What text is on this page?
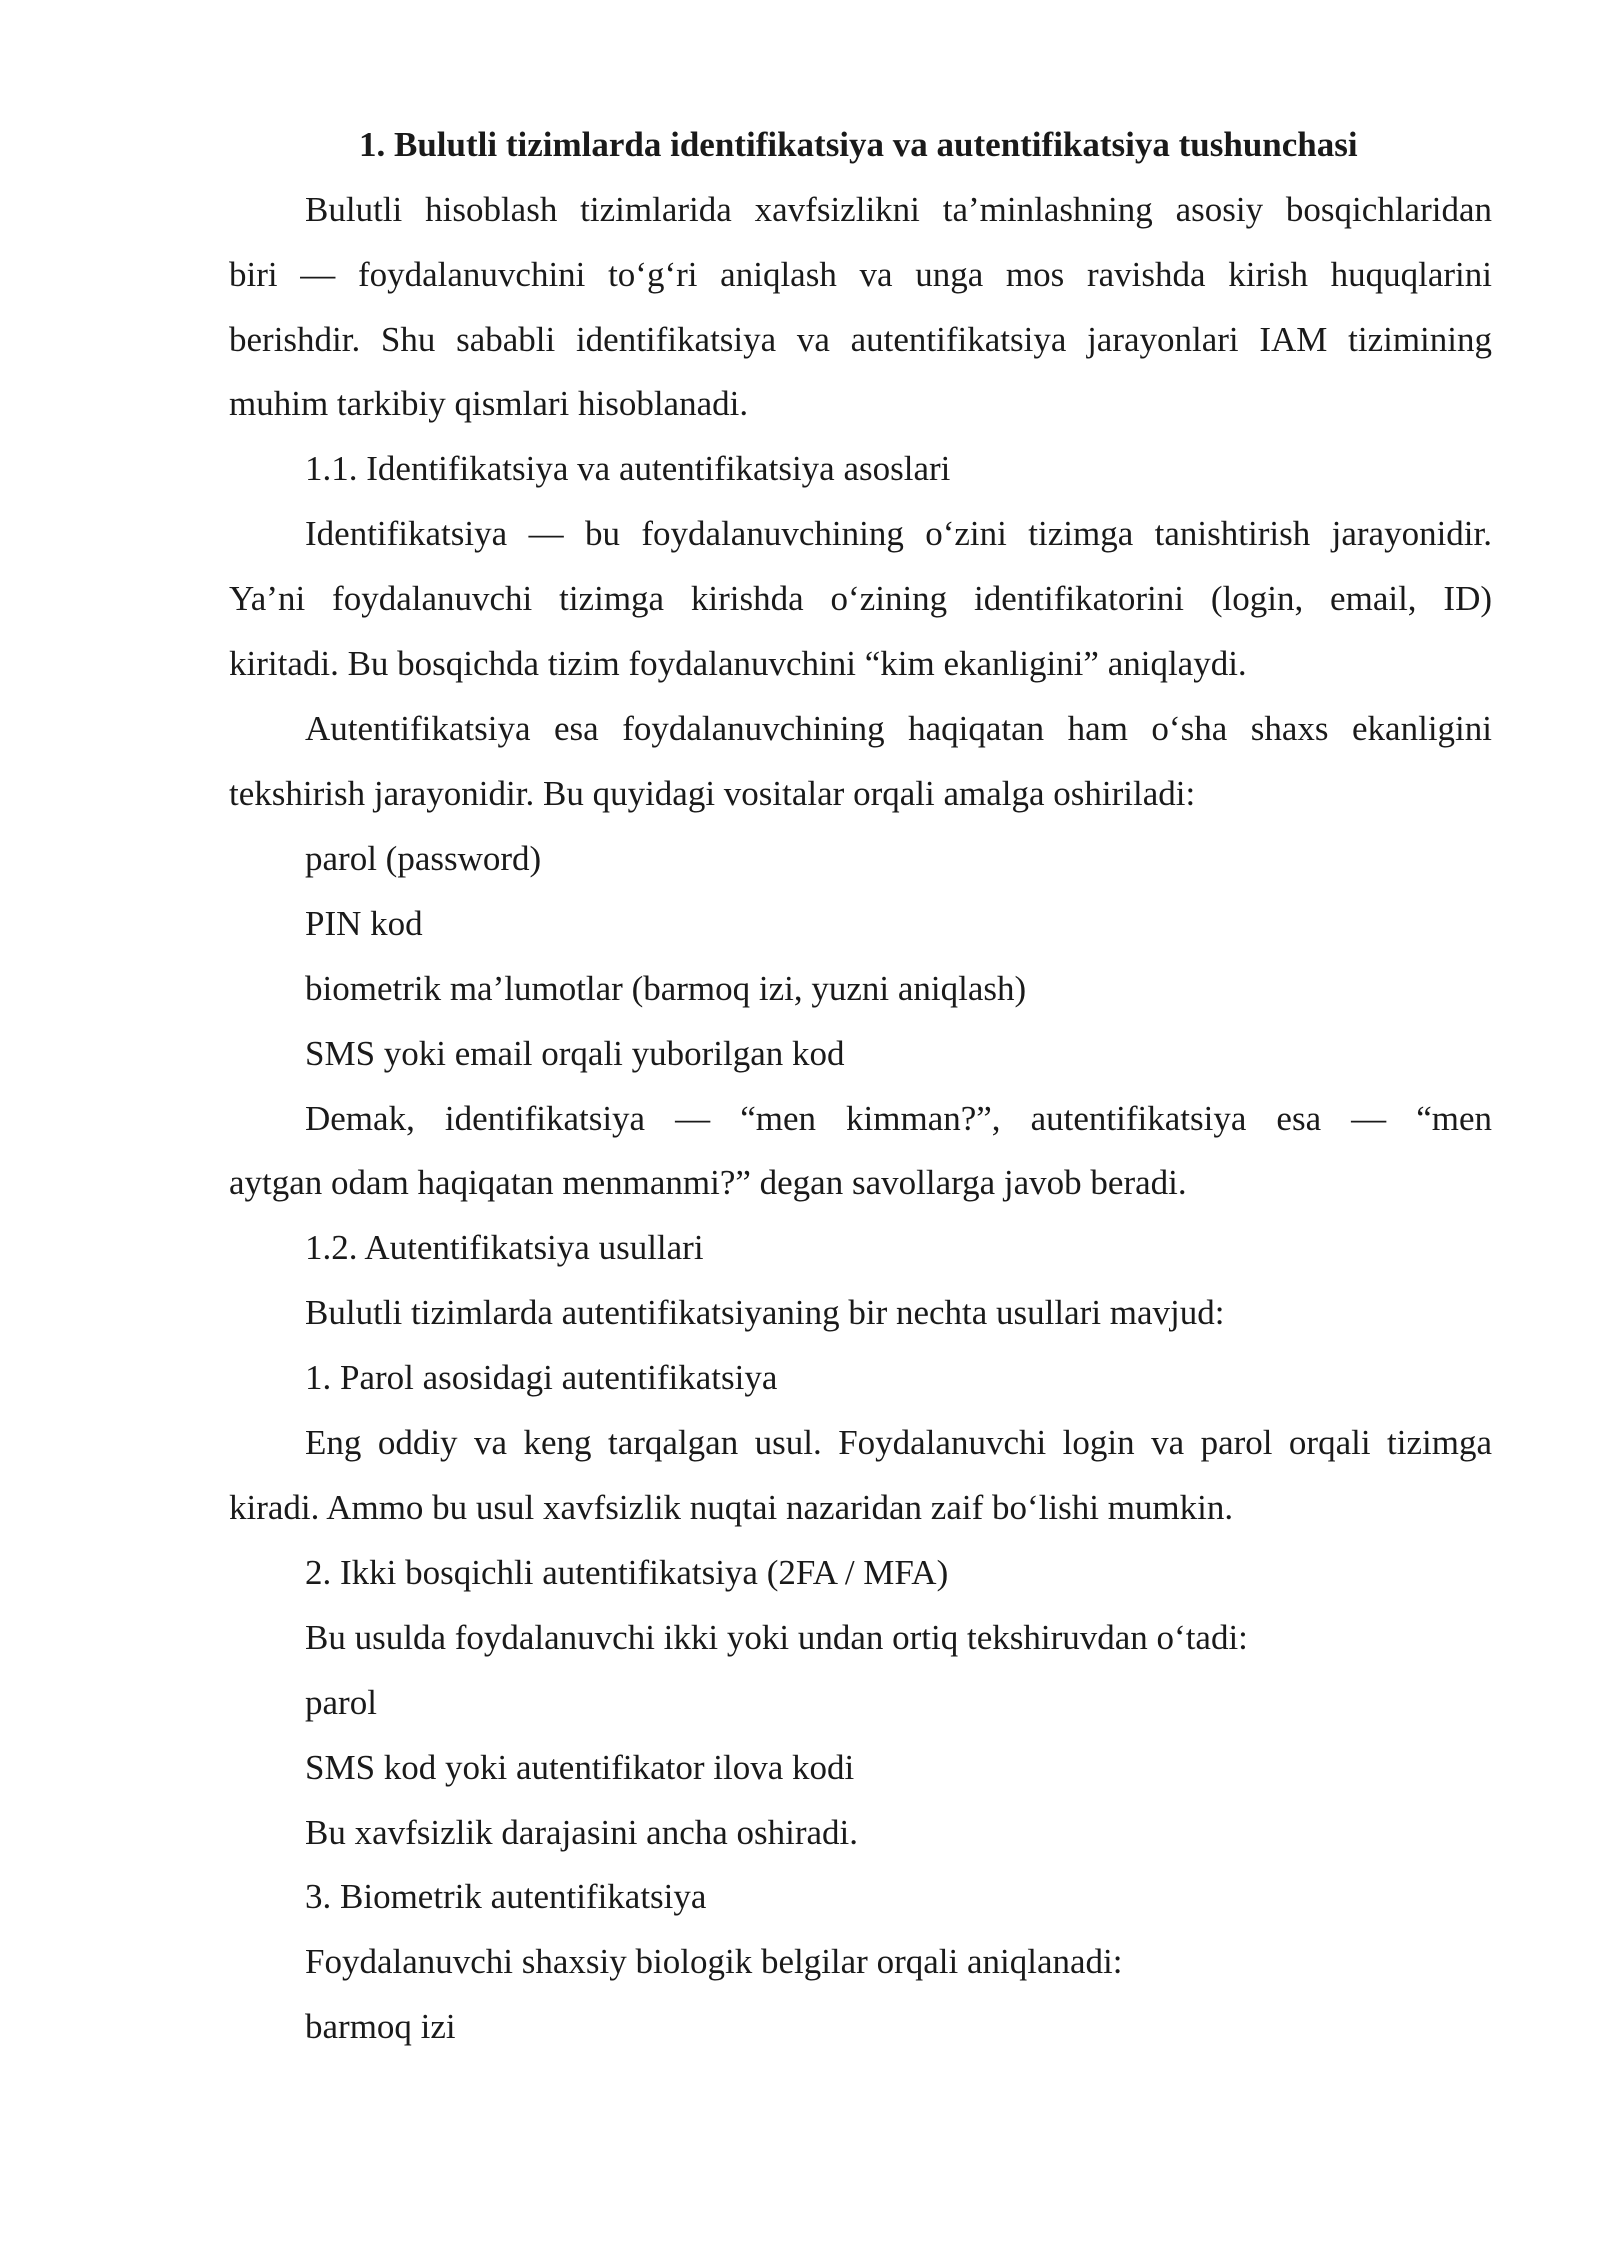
1. Bulutli tizimlarda identifikatsiya va autentifikatsiya tushunchasi
Bulutli hisoblash tizimlarida xavfsizlikni ta’minlashning asosiy bosqichlaridan
biri — foydalanuvchini to‘g‘ri aniqlash va unga mos ravishda kirish huquqlarini
berishdir. Shu sababli identifikatsiya va autentifikatsiya jarayonlari IAM tizimining
muhim tarkibiy qismlari hisoblanadi.
1.1. Identifikatsiya va autentifikatsiya asoslari
Identifikatsiya — bu foydalanuvchining o‘zini tizimga tanishtirish jarayonidir.
Ya’ni foydalanuvchi tizimga kirishda o‘zining identifikatorini (login, email, ID)
kiritadi. Bu bosqichda tizim foydalanuvchini “kim ekanligini” aniqlaydi.
Autentifikatsiya esa foydalanuvchining haqiqatan ham o‘sha shaxs ekanligini
tekshirish jarayonidir. Bu quyidagi vositalar orqali amalga oshiriladi:
parol (password)
PIN kod
biometrik ma’lumotlar (barmoq izi, yuzni aniqlash)
SMS yoki email orqali yuborilgan kod
Demak, identifikatsiya — “men kimman?”, autentifikatsiya esa — “men
aytgan odam haqiqatan menmanmi?” degan savollarga javob beradi.
1.2. Autentifikatsiya usullari
Bulutli tizimlarda autentifikatsiyaning bir nechta usullari mavjud:
1. Parol asosidagi autentifikatsiya
Eng oddiy va keng tarqalgan usul. Foydalanuvchi login va parol orqali tizimga
kiradi. Ammo bu usul xavfsizlik nuqtai nazaridan zaif bo‘lishi mumkin.
2. Ikki bosqichli autentifikatsiya (2FA / MFA)
Bu usulda foydalanuvchi ikki yoki undan ortiq tekshiruvdan o‘tadi:
parol
SMS kod yoki autentifikator ilova kodi
Bu xavfsizlik darajasini ancha oshiradi.
3. Biometrik autentifikatsiya
Foydalanuvchi shaxsiy biologik belgilar orqali aniqlanadi:
barmoq izi
